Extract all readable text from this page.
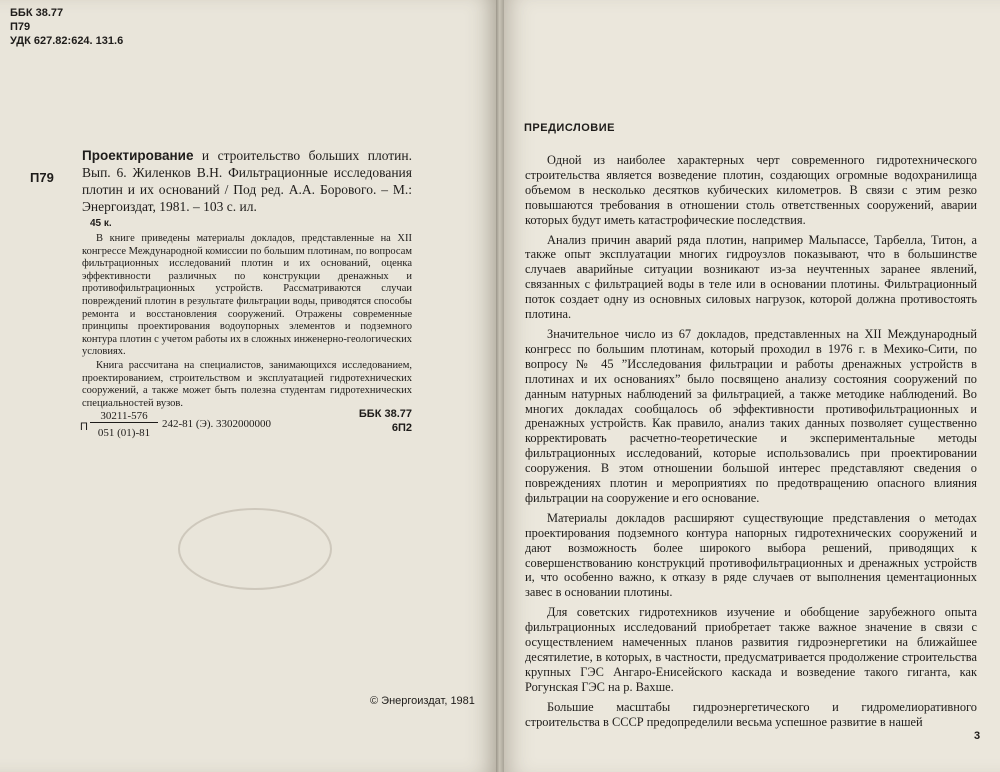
ББК 38.77
П79
УДК 627.82:624. 131.6
П79
Проектирование и строительство больших плотин. Вып. 6. Жиленков В.Н. Фильтрационные исследования плотин и их оснований / Под ред. А.А. Борового. – М.: Энергоиздат, 1981. – 103 с. ил.
45 к.

В книге приведены материалы докладов, представленные на XII конгрессе Международной комиссии по большим плотинам, по вопросам фильтрационных исследований плотин и их оснований, оценка эффективности различных по конструкции дренажных и противофильтрационных устройств. Рассматриваются случаи повреждений плотин в результате фильтрации воды, приводятся способы ремонта и восстановления сооружений. Отражены современные принципы проектирования водоупорных элементов и подземного контура плотин с учетом работы их в сложных инженерно-геологических условиях.

Книга рассчитана на специалистов, занимающихся исследованием, проектированием, строительством и эксплуатацией гидротехнических сооружений, а также может быть полезна студентам гидротехнических специальностей вузов.

П
30211-576
051 (01)-81
242-81 (Э). 3302000000
ББК 38.77
6П2
© Энергоиздат, 1981
ПРЕДИСЛОВИЕ

Одной из наиболее характерных черт современного гидротехнического строительства является возведение плотин, создающих огромные водохранилища объемом в несколько десятков кубических километров. В связи с этим резко повышаются требования в отношении столь ответственных сооружений, аварии которых будут иметь катастрофические последствия.

Анализ причин аварий ряда плотин, например Мальпассе, Тарбелла, Титон, а также опыт эксплуатации многих гидроузлов показывают, что в большинстве случаев аварийные ситуации возникают из-за неучтенных заранее явлений, связанных с фильтрацией воды в теле или в основании плотины. Фильтрационный поток создает одну из основных силовых нагрузок, которой должна противостоять плотина.

Значительное число из 67 докладов, представленных на XII Международный конгресс по большим плотинам, который проходил в 1976 г. в Мехико-Сити, по вопросу № 45 ”Исследования фильтрации и работы дренажных устройств в плотинах и их основаниях” было посвящено анализу состояния сооружений по данным натурных наблюдений за фильтрацией, а также методике наблюдений. Во многих докладах сообщалось об эффективности противофильтрационных и дренажных устройств. Как правило, анализ таких данных позволяет существенно корректировать расчетно-теоретические и экспериментальные методы фильтрационных исследований, которые использовались при проектировании сооружения. В этом отношении большой интерес представляют сведения о повреждениях плотин и мероприятиях по предотвращению опасного влияния фильтрации на сооружение и его основание.

Материалы докладов расширяют существующие представления о методах проектирования подземного контура напорных гидротехнических сооружений и дают возможность более широкого выбора решений, приводящих к совершенствованию конструкций противофильтрационных и дренажных устройств и, что особенно важно, к отказу в ряде случаев от выполнения цементационных завес в основании плотины.

Для советских гидротехников изучение и обобщение зарубежного опыта фильтрационных исследований приобретает также важное значение в связи с осуществлением намеченных планов развития гидроэнергетики на ближайшее десятилетие, в которых, в частности, предусматривается продолжение строительства крупных ГЭС Ангаро-Енисейского каскада и возведение такого гиганта, как Рогунская ГЭС на р. Вахше.

Большие масштабы гидроэнергетического и гидромелиоративного строительства в СССР предопределили весьма успешное развитие в нашей

3
